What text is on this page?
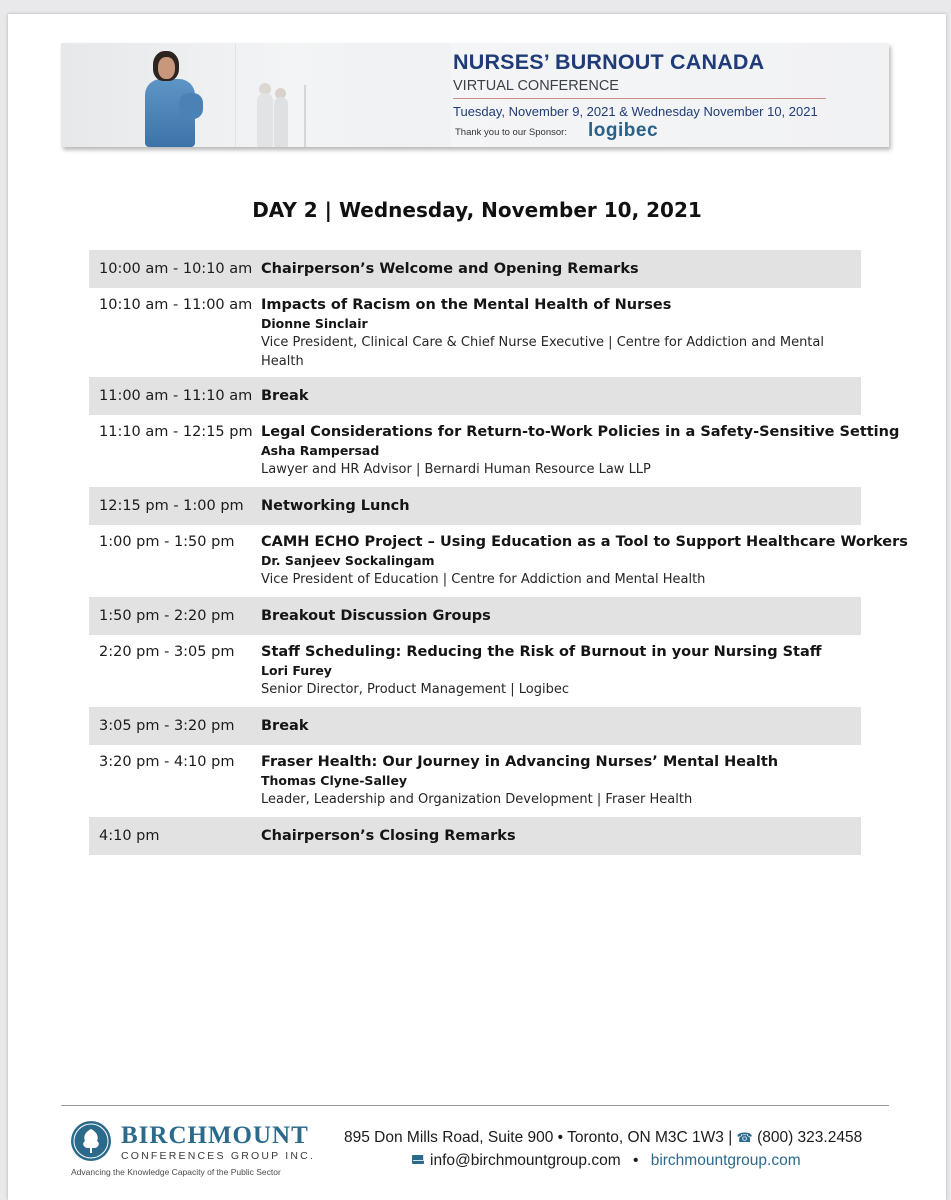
NURSES’ BURNOUT CANADA
VIRTUAL CONFERENCE
Tuesday, November 9, 2021 & Wednesday November 10, 2021
Thank you to our Sponsor: logibec
DAY 2 | Wednesday, November 10, 2021
10:00 am - 10:10 am Chairperson’s Welcome and Opening Remarks
10:10 am - 11:00 am Impacts of Racism on the Mental Health of Nurses
Dionne Sinclair
Vice President, Clinical Care & Chief Nurse Executive | Centre for Addiction and Mental Health
11:00 am - 11:10 am Break
11:10 am - 12:15 pm Legal Considerations for Return-to-Work Policies in a Safety-Sensitive Setting
Asha Rampersad
Lawyer and HR Advisor | Bernardi Human Resource Law LLP
12:15 pm - 1:00 pm	Networking Lunch
1:00 pm - 1:50 pm	CAMH ECHO Project – Using Education as a Tool to Support Healthcare Workers
Dr. Sanjeev Sockalingam
Vice President of Education | Centre for Addiction and Mental Health
1:50 pm - 2:20 pm	Breakout Discussion Groups
2:20 pm - 3:05 pm	Staff Scheduling: Reducing the Risk of Burnout in your Nursing Staff
Lori Furey
Senior Director, Product Management | Logibec
3:05 pm - 3:20 pm	Break
3:20 pm - 4:10 pm	Fraser Health: Our Journey in Advancing Nurses’ Mental Health
Thomas Clyne-Salley
Leader, Leadership and Organization Development | Fraser Health
4:10 pm	Chairperson’s Closing Remarks
BIRCHMOUNT
CONFERENCES GROUP INC.
Advancing the Knowledge Capacity of the Public Sector
895 Don Mills Road, Suite 900 • Toronto, ON M3C 1W3 | ☎ (800) 323.2458
info@birchmountgroup.com • birchmountgroup.com
